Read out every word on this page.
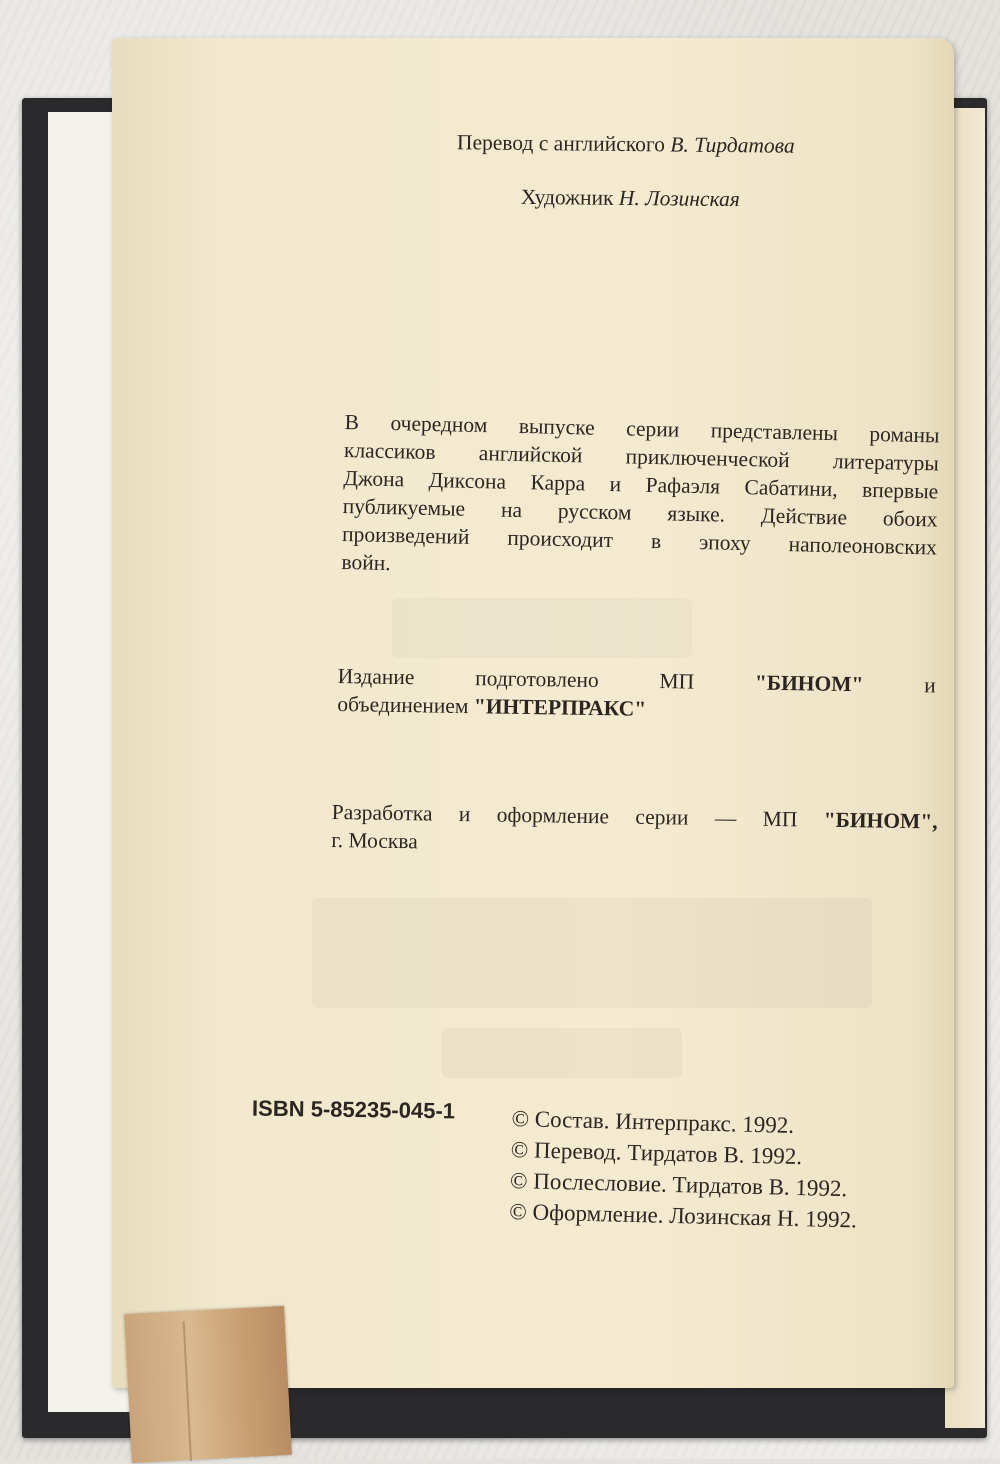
Перевод с английского В. Тирдатова
Художник Н. Лозинская
В очередном выпуске серии представлены романы
классиков английской приключенческой литературы
Джона Диксона Карра и Рафаэля Сабатини, впервые
публикуемые на русском языке. Действие обоих
произведений происходит в эпоху наполеоновских
войн.
Издание	подготовлено	МП	"БИНОМ"	и
объединением "ИНТЕРПРАКС"
Разработка и оформление серии — МП "БИНОМ",
г. Москва
ISBN 5-85235-045-1 © Состав. Интерпракс. 1992.
© Перевод. Тирдатов В. 1992.
© Послесловие. Тирдатов В. 1992.
© Оформление. Лозинская Н. 1992.
